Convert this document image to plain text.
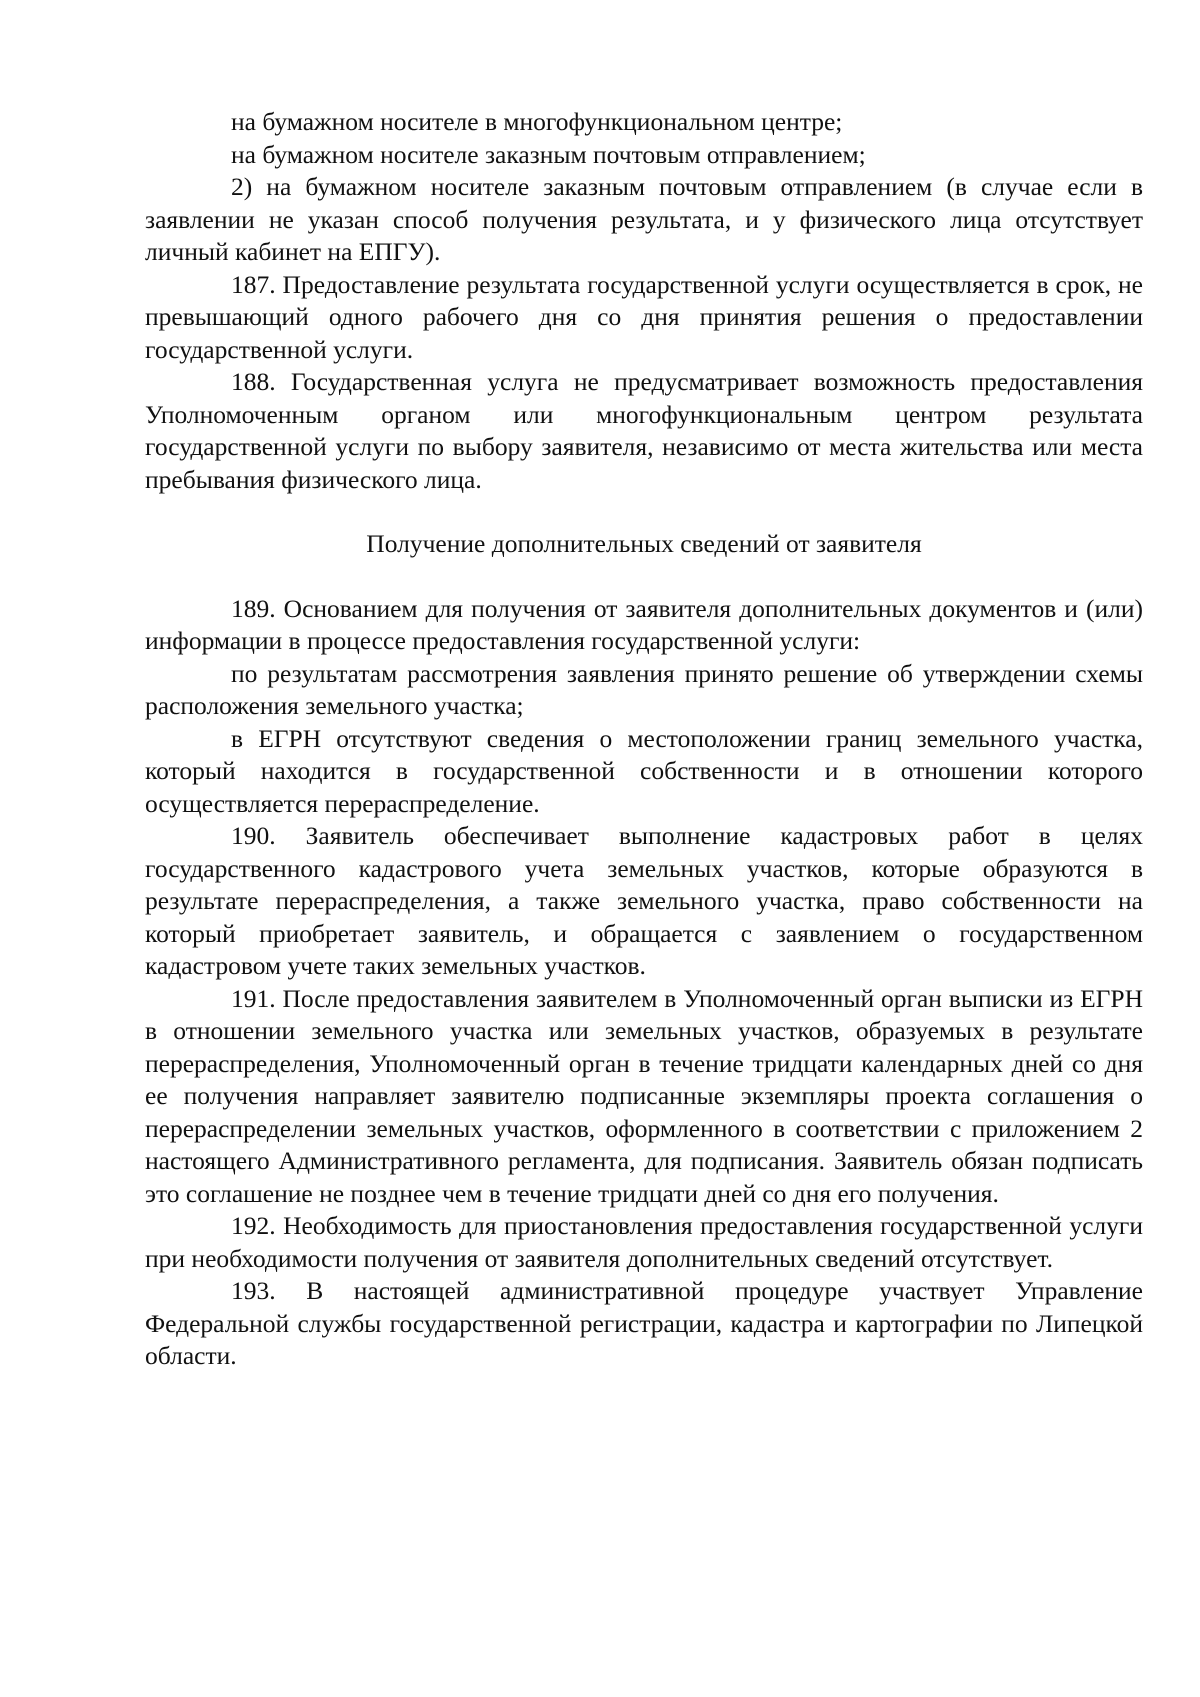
на бумажном носителе в многофункциональном центре;

на бумажном носителе заказным почтовым отправлением;

2) на бумажном носителе заказным почтовым отправлением (в случае если в заявлении не указан способ получения результата, и у физического лица отсутствует личный кабинет на ЕПГУ).

187. Предоставление результата государственной услуги осуществляется в срок, не превышающий одного рабочего дня со дня принятия решения о предоставлении государственной услуги.

188. Государственная услуга не предусматривает возможность предоставления Уполномоченным органом или многофункциональным центром результата государственной услуги по выбору заявителя, независимо от места жительства или места пребывания физического лица.

Получение дополнительных сведений от заявителя

189. Основанием для получения от заявителя дополнительных документов и (или) информации в процессе предоставления государственной услуги:

по результатам рассмотрения заявления принято решение об утверждении схемы расположения земельного участка;

в ЕГРН отсутствуют сведения о местоположении границ земельного участка, который находится в государственной собственности и в отношении которого осуществляется перераспределение.

190. Заявитель обеспечивает выполнение кадастровых работ в целях государственного кадастрового учета земельных участков, которые образуются в результате перераспределения, а также земельного участка, право собственности на который приобретает заявитель, и обращается с заявлением о государственном кадастровом учете таких земельных участков.

191. После предоставления заявителем в Уполномоченный орган выписки из ЕГРН в отношении земельного участка или земельных участков, образуемых в результате перераспределения, Уполномоченный орган в течение тридцати календарных дней со дня ее получения направляет заявителю подписанные экземпляры проекта соглашения о перераспределении земельных участков, оформленного в соответствии с приложением 2 настоящего Административного регламента, для подписания. Заявитель обязан подписать это соглашение не позднее чем в течение тридцати дней со дня его получения.

192. Необходимость для приостановления предоставления государственной услуги при необходимости получения от заявителя дополнительных сведений отсутствует.

193. В настоящей административной процедуре участвует Управление Федеральной службы государственной регистрации, кадастра и картографии по Липецкой области.
